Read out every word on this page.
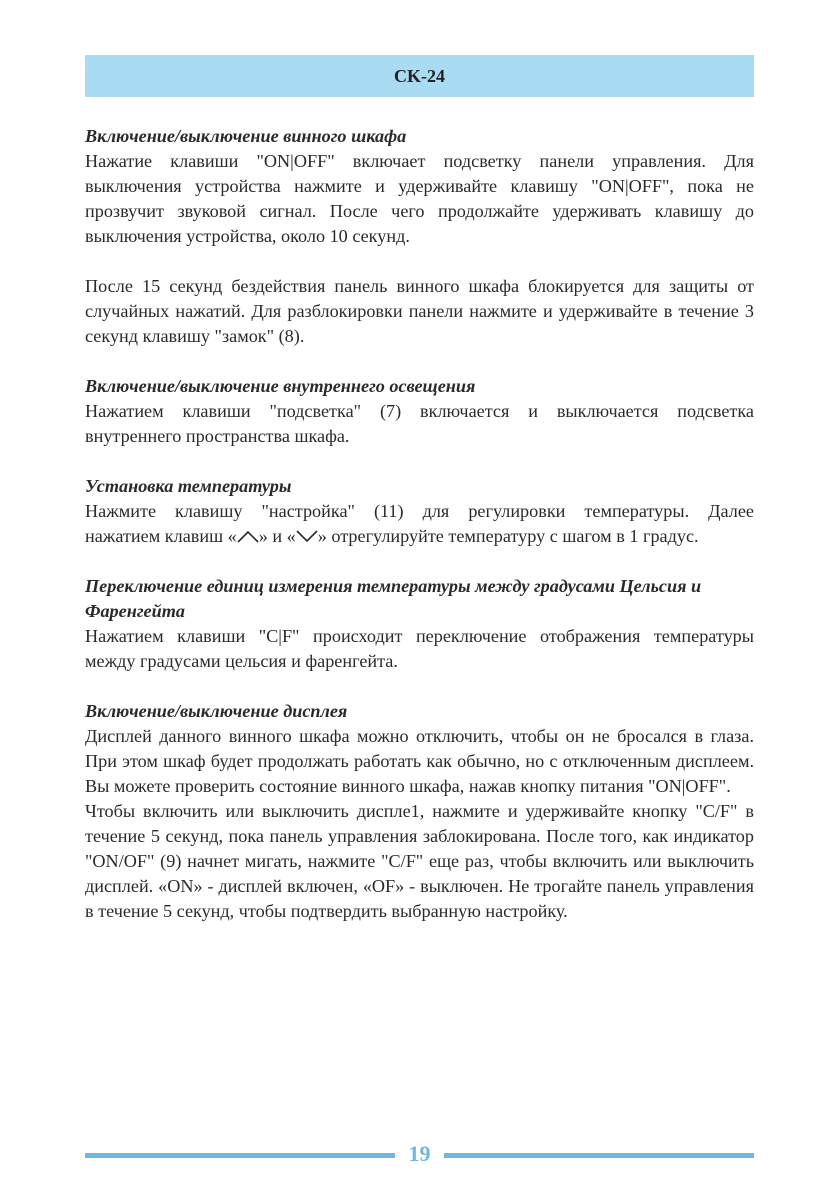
CK-24
Включение/выключение винного шкафа

Нажатие клавиши "ON|OFF" включает подсветку панели управления. Для выключения устройства нажмите и удерживайте клавишу "ON|OFF", пока не прозвучит звуковой сигнал. После чего продолжайте удерживать клавишу до выключения устройства, около 10 секунд.

После 15 секунд бездействия панель винного шкафа блокируется для защиты от случайных нажатий. Для разблокировки панели нажмите и удерживайте в течение 3 секунд клавишу "замок" (8).

Включение/выключение внутреннего освещения

Нажатием клавиши "подсветка" (7) включается и выключается подсветка внутреннего пространства шкафа.

Установка температуры

Нажмите клавишу "настройка" (11) для регулировки температуры. Далее

нажатием клавиш « » и « » отрегулируйте температуру с шагом в 1 градус.
Переключение единиц измерения температуры между градусами Цельсия и Фаренгейта

Нажатием клавиши "C|F" происходит переключение отображения температуры между градусами цельсия и фаренгейта.

Включение/выключение дисплея

Дисплей данного винного шкафа можно отключить, чтобы он не бросался в глаза. При этом шкаф будет продолжать работать как обычно, но с отключенным дисплеем. Вы можете проверить состояние винного шкафа, нажав кнопку питания "ON|OFF".

Чтобы включить или выключить диспле1, нажмите и удерживайте кнопку "C/F" в течение 5 секунд, пока панель управления заблокирована. После того, как индикатор "ON/OF" (9) начнет мигать, нажмите "C/F" еще раз, чтобы включить или выключить дисплей. «ON» - дисплей включен, «OF» - выключен. Не трогайте панель управления в течение 5 секунд, чтобы подтвердить выбранную настройку.

19
